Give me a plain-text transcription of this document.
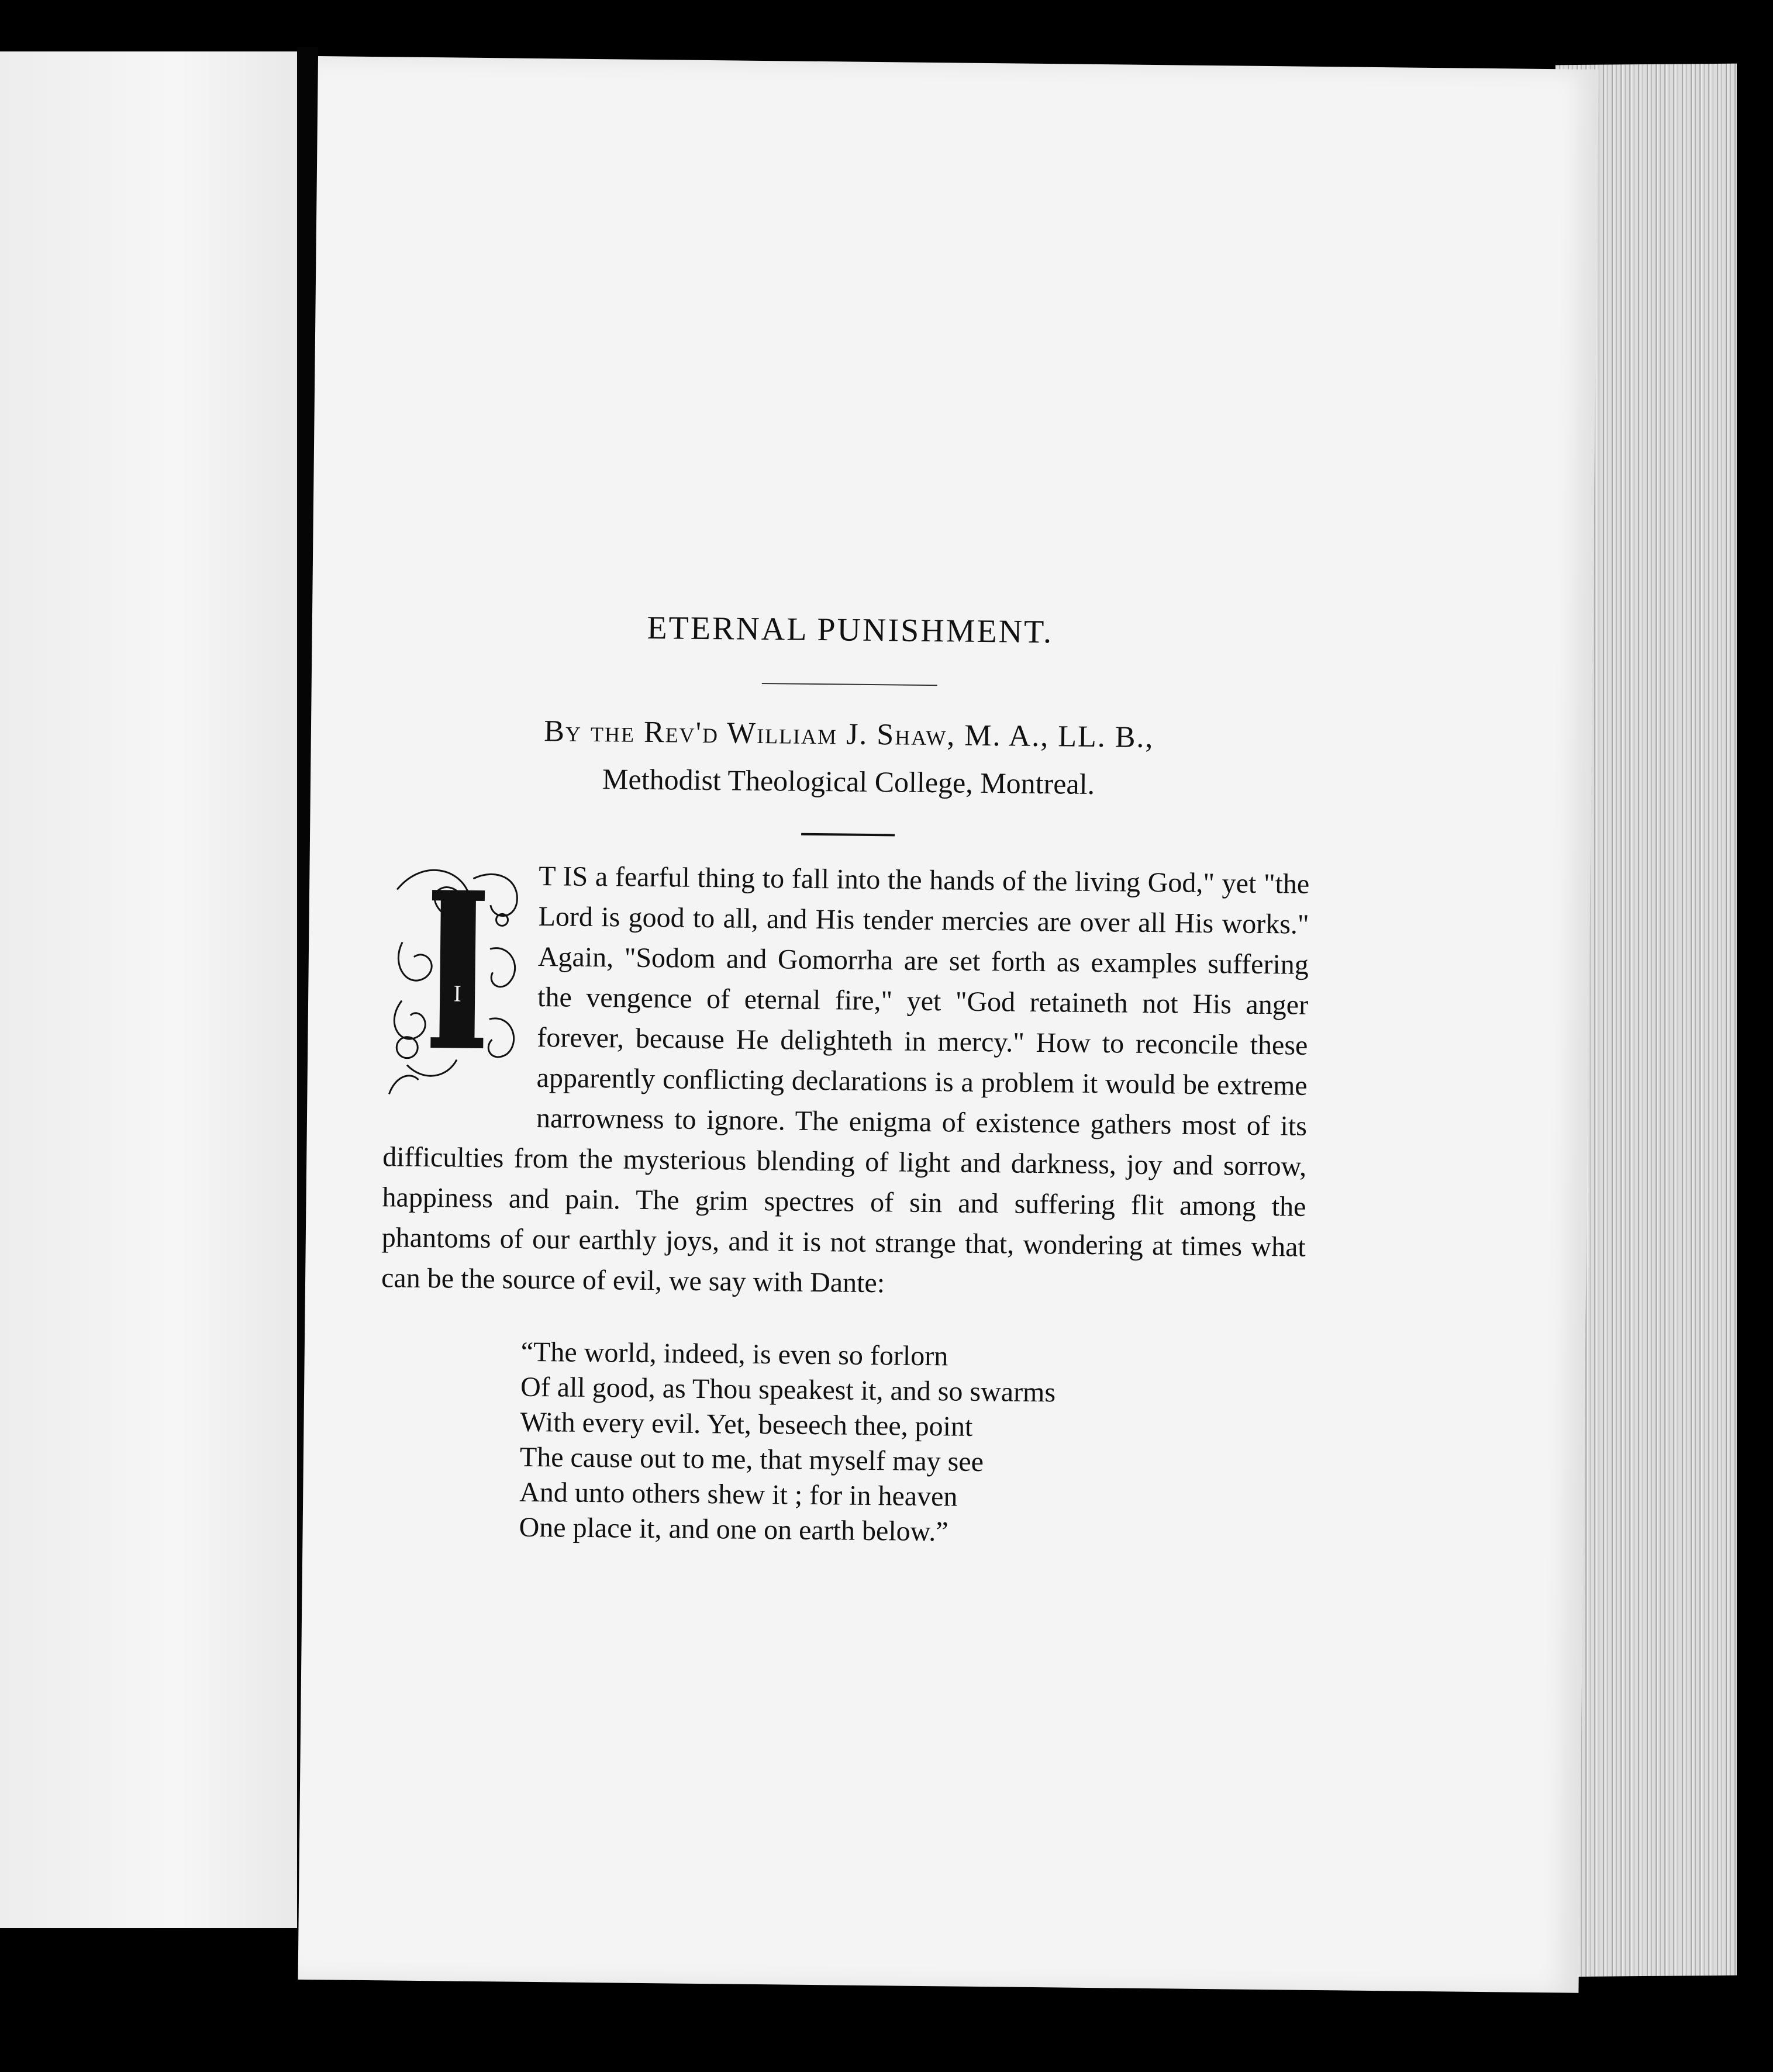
ETERNAL PUNISHMENT.
By the Rev'd William J. Shaw, M. A., LL. B.,
Methodist Theological College, Montreal.
I

T IS a fearful thing to fall into the hands of the living God," yet "the Lord is good to all, and His tender mercies are over all His works." Again, "Sodom and Gomorrha are set forth as examples suffering the vengence of eternal fire," yet "God retaineth not His anger forever, because He delighteth in mercy." How to reconcile these apparently conflicting declarations is a problem it would be extreme narrowness to ignore. The enigma of existence gathers most of its difficulties from the mysterious blending of light and darkness, joy and sorrow, happiness and pain. The grim spectres of sin and suffering flit among the phantoms of our earthly joys, and it is not strange that, wondering at times what can be the source of evil, we say with Dante:

“The world, indeed, is even so forlorn
Of all good, as Thou speakest it, and so swarms
With every evil. Yet, beseech thee, point
The cause out to me, that myself may see
And unto others shew it ; for in heaven
One place it, and one on earth below.”
